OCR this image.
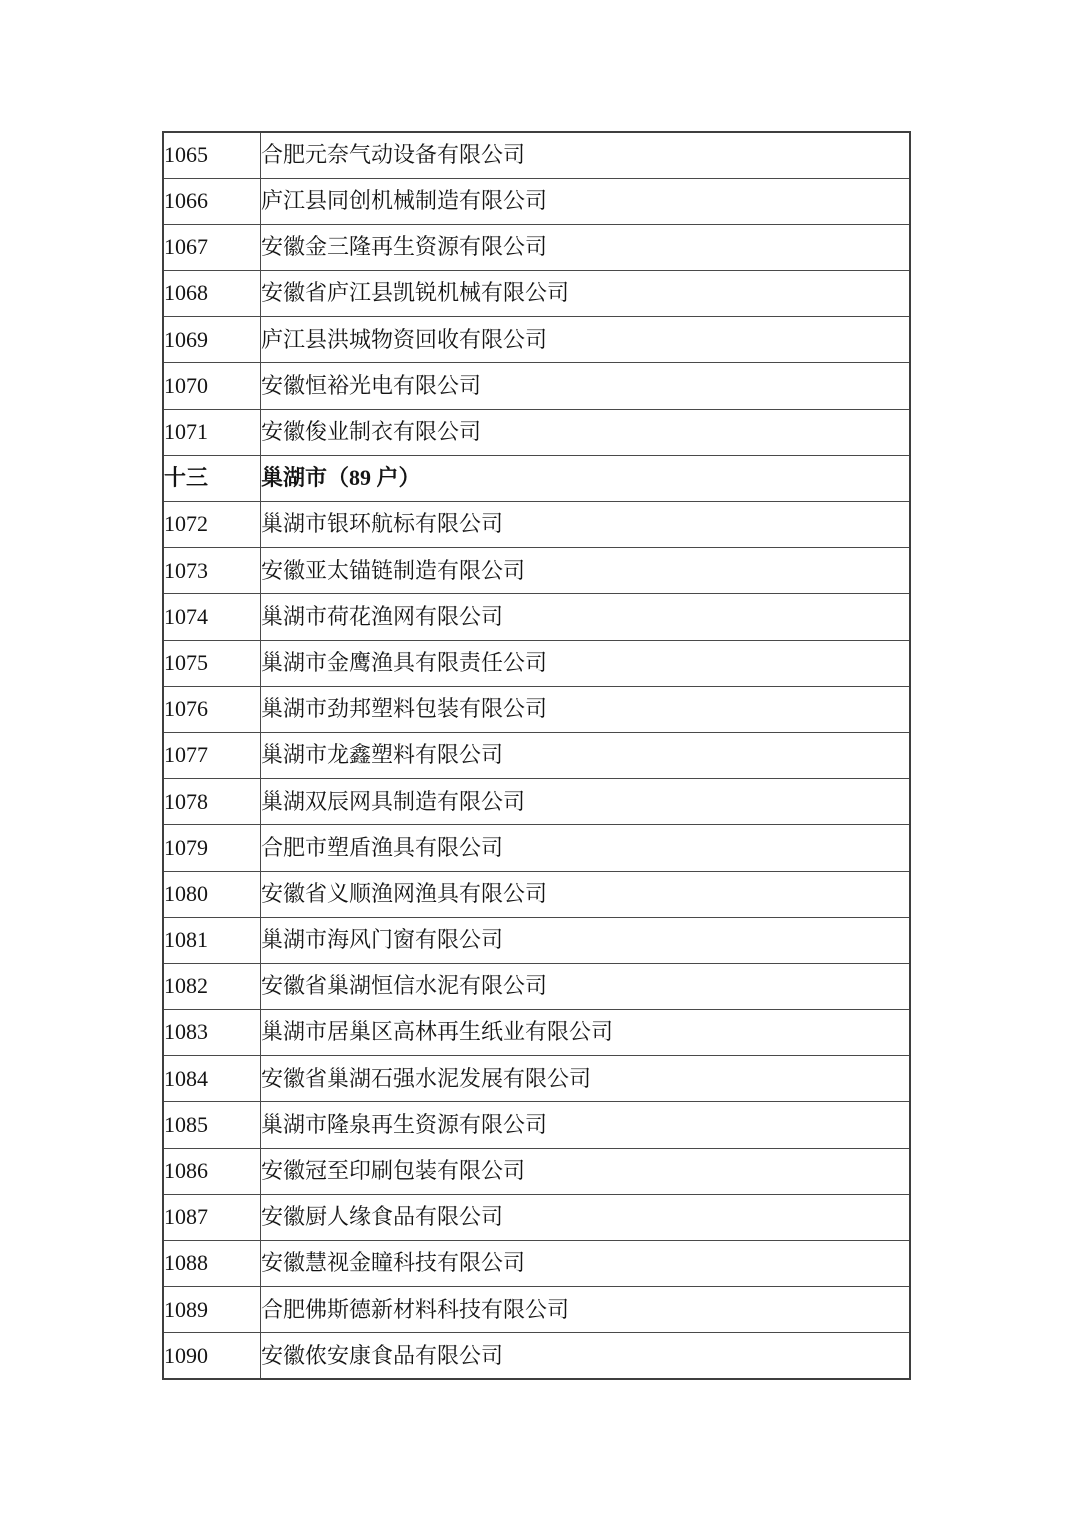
1065	合肥元奈气动设备有限公司
1066	庐江县同创机械制造有限公司
1067	安徽金三隆再生资源有限公司
1068	安徽省庐江县凯锐机械有限公司
1069	庐江县洪城物资回收有限公司
1070	安徽恒裕光电有限公司
1071	安徽俊业制衣有限公司
十三	巢湖市（89 户）
1072	巢湖市银环航标有限公司
1073	安徽亚太锚链制造有限公司
1074	巢湖市荷花渔网有限公司
1075	巢湖市金鹰渔具有限责任公司
1076	巢湖市劲邦塑料包装有限公司
1077	巢湖市龙鑫塑料有限公司
1078	巢湖双辰网具制造有限公司
1079	合肥市塑盾渔具有限公司
1080	安徽省义顺渔网渔具有限公司
1081	巢湖市海风门窗有限公司
1082	安徽省巢湖恒信水泥有限公司
1083	巢湖市居巢区高林再生纸业有限公司
1084	安徽省巢湖石强水泥发展有限公司
1085	巢湖市隆泉再生资源有限公司
1086	安徽冠至印刷包装有限公司
1087	安徽厨人缘食品有限公司
1088	安徽慧视金瞳科技有限公司
1089	合肥佛斯德新材料科技有限公司
1090	安徽侬安康食品有限公司
